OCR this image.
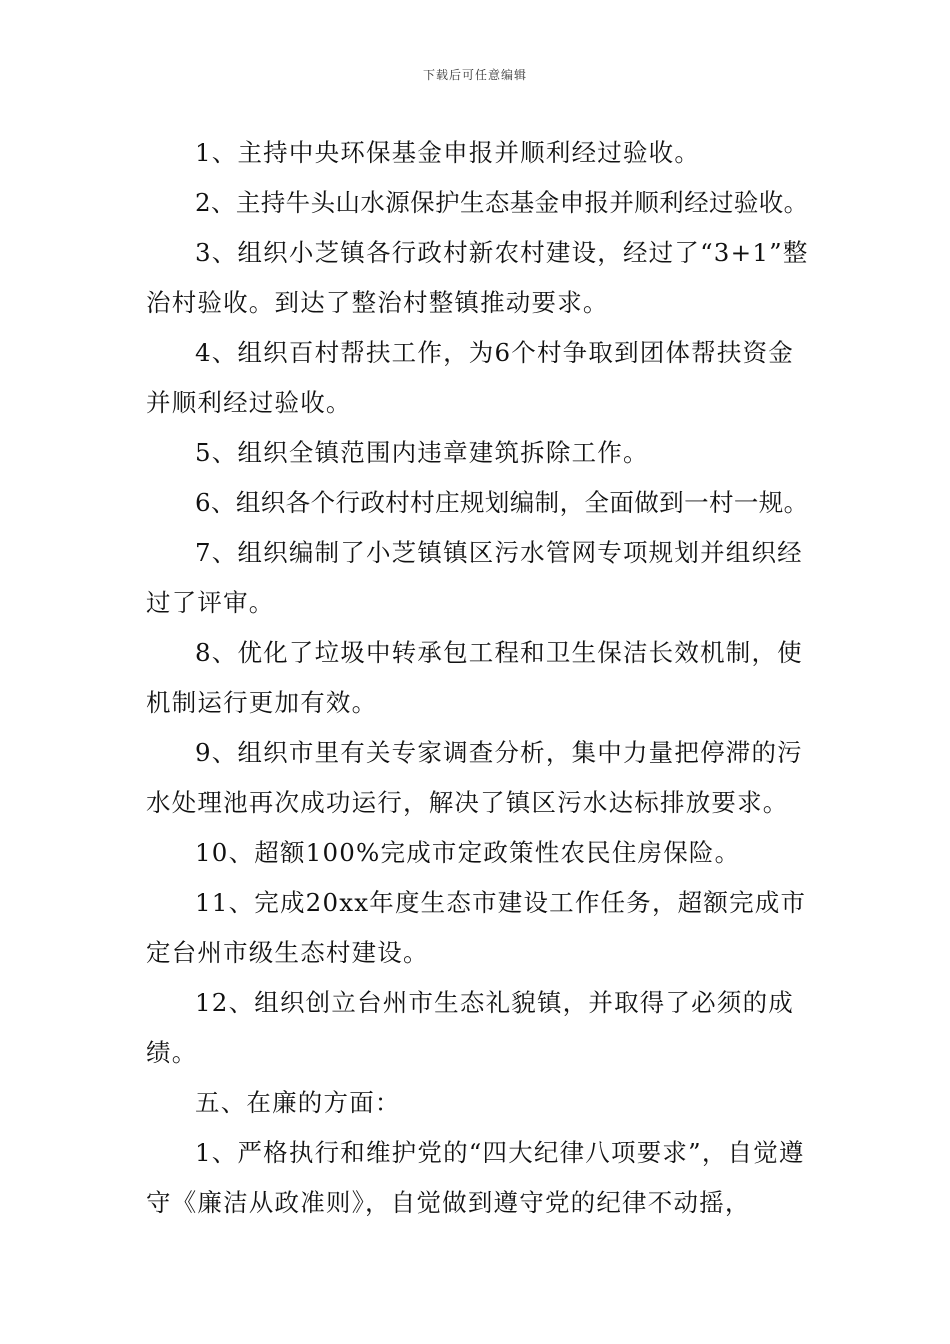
下载后可任意编辑

1、主持中央环保基金申报并顺利经过验收。

2、主持牛头山水源保护生态基金申报并顺利经过验收。

3、组织小芝镇各行政村新农村建设，经过了“3+1”整治村验收。到达了整治村整镇推动要求。

4、组织百村帮扶工作，为6个村争取到团体帮扶资金并顺利经过验收。

5、组织全镇范围内违章建筑拆除工作。

6、组织各个行政村村庄规划编制，全面做到一村一规。

7、组织编制了小芝镇镇区污水管网专项规划并组织经过了评审。

8、优化了垃圾中转承包工程和卫生保洁长效机制，使机制运行更加有效。

9、组织市里有关专家调查分析，集中力量把停滞的污水处理池再次成功运行，解决了镇区污水达标排放要求。

10、超额100%完成市定政策性农民住房保险。

11、完成20xx年度生态市建设工作任务，超额完成市定台州市级生态村建设。

12、组织创立台州市生态礼貌镇，并取得了必须的成绩。

五、在廉的方面：

1、严格执行和维护党的“四大纪律八项要求”，自觉遵守《廉洁从政准则》，自觉做到遵守党的纪律不动摇，
